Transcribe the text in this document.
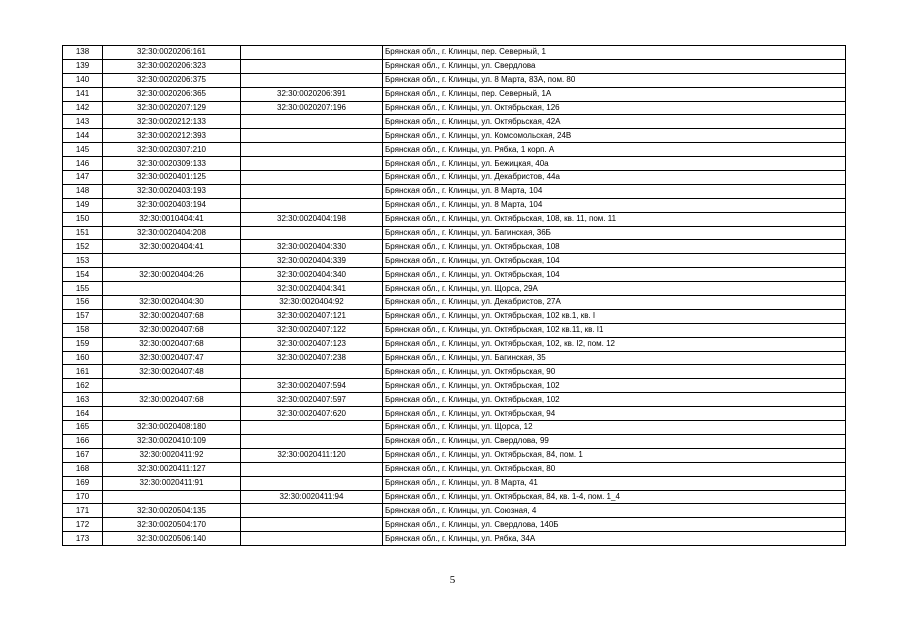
138	32:30:0020206:161		Брянская обл., г. Клинцы, пер. Северный, 1
139	32:30:0020206:323		Брянская обл., г. Клинцы, ул. Свердлова
140	32:30:0020206:375		Брянская обл., г. Клинцы, ул. 8 Марта, 83А, пом. 80
141	32:30:0020206:365	32:30:0020206:391	Брянская обл., г. Клинцы, пер. Северный, 1А
142	32:30:0020207:129	32:30:0020207:196	Брянская обл., г. Клинцы, ул. Октябрьская, 126
143	32:30:0020212:133		Брянская обл., г. Клинцы, ул. Октябрьская, 42А
144	32:30:0020212:393		Брянская обл., г. Клинцы, ул. Комсомольская, 24В
145	32:30:0020307:210		Брянская обл., г. Клинцы, ул. Рябка, 1 корп. А
146	32:30:0020309:133		Брянская обл., г. Клинцы, ул. Бежицкая, 40а
147	32:30:0020401:125		Брянская обл., г. Клинцы, ул. Декабристов, 44а
148	32:30:0020403:193		Брянская обл., г. Клинцы, ул. 8 Марта, 104
149	32:30:0020403:194		Брянская обл., г. Клинцы, ул. 8 Марта, 104
150	32:30:0010404:41	32:30:0020404:198	Брянская обл., г. Клинцы, ул. Октябрьская, 108, кв. 11, пом. 11
151	32:30:0020404:208		Брянская обл., г. Клинцы, ул. Багинская, 36Б
152	32:30:0020404:41	32:30:0020404:330	Брянская обл., г. Клинцы, ул. Октябрьская, 108
153		32:30:0020404:339	Брянская обл., г. Клинцы, ул. Октябрьская, 104
154	32:30:0020404:26	32:30:0020404:340	Брянская обл., г. Клинцы, ул. Октябрьская, 104
155		32:30:0020404:341	Брянская обл., г. Клинцы, ул. Щорса, 29А
156	32:30:0020404:30	32:30:0020404:92	Брянская обл., г. Клинцы, ул. Декабристов, 27А
157	32:30:0020407:68	32:30:0020407:121	Брянская обл., г. Клинцы, ул. Октябрьская, 102 кв.1, кв. I
158	32:30:0020407:68	32:30:0020407:122	Брянская обл., г. Клинцы, ул. Октябрьская, 102 кв.11, кв. I1
159	32:30:0020407:68	32:30:0020407:123	Брянская обл., г. Клинцы, ул. Октябрьская, 102, кв. I2, пом. 12
160	32:30:0020407:47	32:30:0020407:238	Брянская обл., г. Клинцы, ул. Багинская, 35
161	32:30:0020407:48		Брянская обл., г. Клинцы, ул. Октябрьская, 90
162		32:30:0020407:594	Брянская обл., г. Клинцы, ул. Октябрьская, 102
163	32:30:0020407:68	32:30:0020407:597	Брянская обл., г. Клинцы, ул. Октябрьская, 102
164		32:30:0020407:620	Брянская обл., г. Клинцы, ул. Октябрьская, 94
165	32:30:0020408:180		Брянская обл., г. Клинцы, ул. Щорса, 12
166	32:30:0020410:109		Брянская обл., г. Клинцы, ул. Свердлова, 99
167	32:30:0020411:92	32:30:0020411:120	Брянская обл., г. Клинцы, ул. Октябрьская, 84, пом. 1
168	32:30:0020411:127		Брянская обл., г. Клинцы, ул. Октябрьская, 80
169	32:30:0020411:91		Брянская обл., г. Клинцы, ул. 8 Марта, 41
170		32:30:0020411:94	Брянская обл., г. Клинцы, ул. Октябрьская, 84, кв. 1-4, пом. 1_4
171	32:30:0020504:135		Брянская обл., г. Клинцы, ул. Союзная, 4
172	32:30:0020504:170		Брянская обл., г. Клинцы, ул. Свердлова, 140Б
173	32:30:0020506:140		Брянская обл., г. Клинцы, ул. Рябка, 34А
5
